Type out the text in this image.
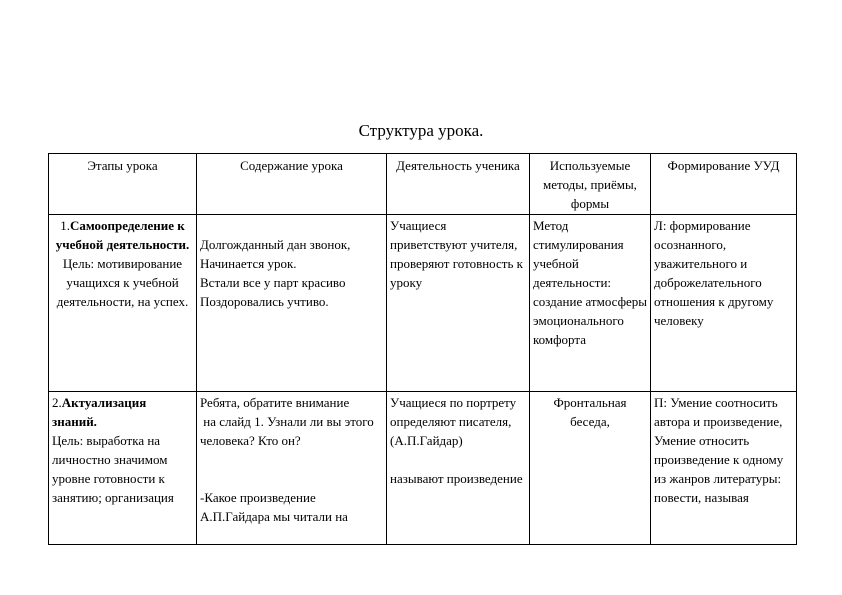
Структура урока.
Этапы урока	Содержание урока	Деятельность ученика	Используемые методы, приёмы, формы	Формирование УУД
1.Самоопределение к учебной деятельности.
Цель: мотивирование учащихся к учебной деятельности, на успех.	Долгожданный дан звонок,
Начинается урок.
Встали все у парт красиво
Поздоровались учтиво.	Учащиеся приветствуют учителя, проверяют готовность к уроку	Метод стимулирования учебной деятельности: создание атмосферы эмоционального комфорта	Л: формирование осознанного, уважительного и доброжелательного отношения к другому человеку
2.Актуализация знаний.
Цель: выработка на личностно значимом уровне готовности к занятию; организация	Ребята, обратите внимание
на слайд 1. Узнали ли вы этого человека? Кто он?
-Какое произведение А.П.Гайдара мы читали на	Учащиеся по портрету определяют писателя, (А.П.Гайдар)
называют произведение	Фронтальная беседа,	П: Умение соотносить автора и произведение, Умение относить произведение к одному из жанров литературы: повести, называя
